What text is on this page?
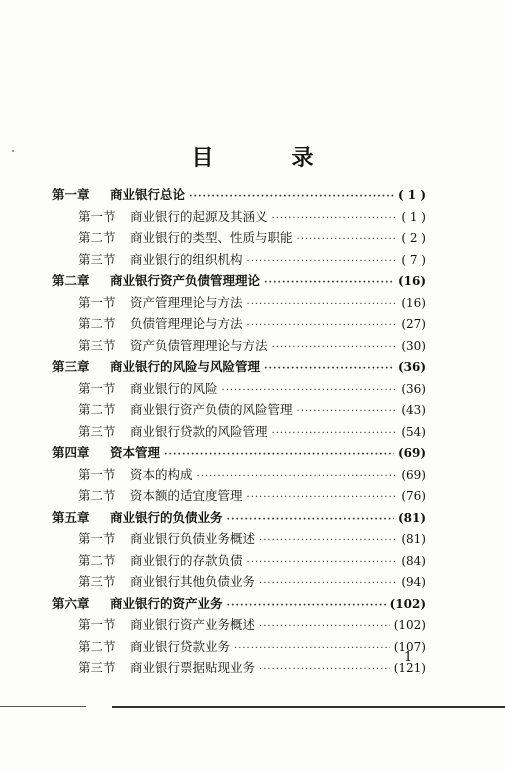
目　录
第一章 商业银行总论 ·····	( 1 )
第一节 商业银行的起源及其涵义 ·····	( 1 )
第二节 商业银行的类型、性质与职能 ·····	( 2 )
第三节 商业银行的组织机构 ·····	( 7 )
第二章 商业银行资产负债管理理论 ·····	(16)
第一节 资产管理理论与方法 ·····	(16)
第二节 负债管理理论与方法 ·····	(27)
第三节 资产负债管理理论与方法 ·····	(30)
第三章 商业银行的风险与风险管理 ·····	(36)
第一节 商业银行的风险 ·····	(36)
第二节 商业银行资产负债的风险管理 ·····	(43)
第三节 商业银行贷款的风险管理 ·····	(54)
第四章 资本管理 ·····	(69)
第一节 资本的构成 ·····	(69)
第二节 资本额的适宜度管理 ·····	(76)
第五章 商业银行的负债业务 ·····	(81)
第一节 商业银行负债业务概述 ·····	(81)
第二节 商业银行的存款负债 ·····	(84)
第三节 商业银行其他负债业务 ·····	(94)
第六章 商业银行的资产业务 ·····	(102)
第一节 商业银行资产业务概述 ·····	(102)
第二节 商业银行贷款业务 ·····	(107)
第三节 商业银行票据贴现业务 ·····	(121)
1
